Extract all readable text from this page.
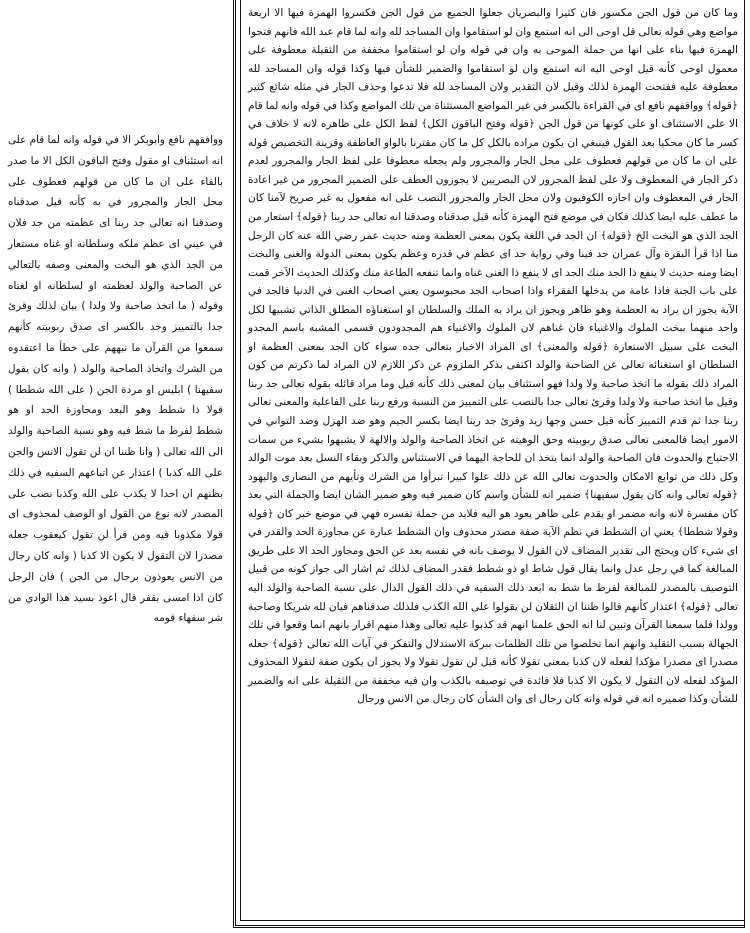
وما كان من قول الجن مكسور فان كثيرا والبصريان جعلوا الجميع من قول الجن فكسروا الهمزة فيها الا اربعة مواضع وهي قوله تعالى قل اوحى الى انه استمع وان لو استقاموا وان المساجد لله وانه لما قام عبد الله فانهم فتحوا الهمزة فيها بناء على انها من جملة الموحى به وان في قوله وان لو استقاموا مخففة من الثقيلة معطوفة على معمول اوحى كأنه قيل اوحى اليه انه استمع وان لو استقاموا والضمير للشأن فيها وكذا قوله وان المساجد لله معطوفة عليه ففتحت الهمزة لذلك وقيل لان التقدير ولان المساجد لله فلا تدعوا وحذف الجار في مثله شائع كثير ﴿قوله﴾ وواقفهم نافع اى في القراءة بالكسر في غير المواضع المستثناة من تلك المواضع وكذا في قوله وانه لما قام الا على الاستئناف او على كونها من قول الجن ﴿قوله وفتح الباقون الكل﴾ لفظ الكل على ظاهره لانه لا خلاف في كسر ما كان محكيا بعد القول فينبغي ان يكون مراده بالكل كل ما كان مقترنا بالواو العاطفة وقرينة التخصيص قوله على ان ما كان من قولهم فعطوف على محل الجار والمجرور ولم يجعله معطوفا على لفظ الجار والمجرور لعدم ذكر الجار في المعطوف ولا على لفظ المجرور لان البصريين لا يجوزون العطف على الضمير المجرور من غير اعادة الجار في المعطوف وان اجازه الكوفيون ولان محل الجار والمجرور النصب على انه مفعول به غير صريح لآمنا كان ما عطف عليه ايضا كذلك فكان في موضع فتح الهمزة كأنه قيل صدقناه وصدقنا انه تعالى جد ربنا ﴿قوله﴾ استعار من الجد الذي هو البخت الخ ﴿قوله﴾ ان الجد في اللغة يكون بمعنى العظمة ومنه حديث عمر رضي الله عنه كان الرجل منا اذا قرأ البقرة وآل عمران جد فينا وفي رواية جد اى عظم في قدره وعظم يكون بمعنى الدولة والغنى والبخت ايضا ومنه حديث لا ينفع ذا الجد منك الجد اى لا ينفع ذا الغنى غناه وانما تنفعه الطاعة منك وكذلك الحديث الآخر قمت على باب الجنة فاذا عامة من يدخلها الفقراء واذا اصحاب الجد محبوسون يعني اصحاب الغنى في الدنيا فالجد في الآية يجوز ان يراد به العظمة وهو ظاهر ويجوز ان يراد به الملك والسلطان او استغناؤه المطلق الذاتي تشبيها لكل واحد منهما ببخت الملوك والاغنياء فان غناهم لان الملوك والاغنياء هم المجدودون فسمى المشبه باسم المجدو البخت على سبيل الاستعارة ﴿قوله والمعنى﴾ اى المراد الاخبار بتعالى جده سواء كان الجد بمعنى العظمة او السلطان او استغنائه تعالى عن الصاحبة والولد اكتفى بذكر الملزوم عن ذكر اللازم لان المراد لما ذكرتم من كون المراد ذلك بقوله ما اتخذ صاحبة ولا ولدا فهو استئناف بيان لمعنى ذلك كأنه قيل وما مراد قائله بقوله تعالى جد ربنا وقيل ما اتخذ صاحبة ولا ولدا وقرئ تعالى جدا بالنصب على التمييز من النسبة ورفع ربنا على الفاعلية والمعنى تعالى ربنا جدا ثم قدم التمييز كأنه قيل حسن وجها زيد وقرئ جد ربنا ايضا بكسر الجيم وهو ضد الهزل وضد التواني في الامور ايضا فالمعنى تعالى صدق ربوبيته وحق الوهيته عن اتخاذ الصاحبة والولد والالهة لا يشبهوا بشيء من سمات الاحتياج والحدوث فان الصاحبة والولد انما يتخذ ان للحاجة اليهما في الاستئناس والذكر وبقاء النسل بعد موت الوالد وكل ذلك من توابع الامكان والحدوث تعالى الله عن ذلك علوا كبيرا تبرأوا من الشرك وتأيهم من النصارى واليهود ﴿قوله تعالى وانه كان يقول سفيهنا﴾ ضمير انه للشأن واسم كان ضمير فيه وهو ضمير الشان ايضا والجملة التي بعد كان مفسرة لانه وانه مضمر او يقدم على ظاهر يعود هو اليه فلابد من جملة تفسره فهي في موضع خبر كان ﴿قوله وقولا شططا﴾ يعني ان الشطط في نظم الآية صفة مصدر محذوف وان الشطط عبارة عن مجاوزة الحد والقدر في اى شيء كان ويحتج الى تقدير المضاف لان القول لا يوصف بانه في نفسه بعد عن الحق ومجاوز الحد الا على طريق المبالغة كما في رجل عدل وانما يقال قول شاط او ذو شطط فقدر المضاف لذلك ثم اشار الى جواز كونه من قبيل التوصيف بالمصدر للمبالغة لفرط ما شط به ابعد ذلك السفيه في ذلك القول الدال على نسبة الصاحبة والولد اليه تعالى ﴿قوله﴾ اعتذار كأنهم قالوا ظننا ان الثقلان لن يقولوا على الله الكذب فلذلك صدقناهم فيان لله شريكا وصاحبة وولدا فلما سمعنا القرآن وتبين لنا انه الحق علمنا انهم قد كذبوا عليه تعالى وهذا منهم اقرار بانهم انما وقعوا في تلك الجهالة بسبب التقليد وانهم انما تخلصوا من تلك الظلمات ببركة الاستدلال والتفكر في آيات الله تعالى ﴿قوله﴾ جعله مصدرا اى مصدرا مؤكدا لفعله لان كذبا بمعنى تقولا كأنه قيل لن تقول تقولا ولا يجوز ان يكون صفة لتقولا المحذوف المؤكد لفعله لان التقول لا يكون الا كذبا فلا فائدة في توصيفه بالكذب وان فيه مخففة من الثقيلة على انه والضمير للشأن وكذا ضميره انه في قوله وانه كان رجال اى وان الشأن كان رجال من الانس ورجال

ووافقهم نافع وابوبكر الا في قوله وانه لما قام على انه استئناف او مقول وفتح الباقون الكل الا ما صدر بالفاء على ان ما كان من قولهم فعطوف على محل الجار والمجرور في به كأنه قيل صدقناه وصدقنا انه تعالى جد ربنا اى عظمته من جد فلان في عيني اى عظم ملكه وسلطانه او غناه مستعار من الجد الذي هو البخت والمعنى وصفه بالتعالي عن الصاحبة والولد لعظمته او لسلطانه او لغناه وقوله ( ما اتخذ صاحبة ولا ولدا ) بيان لذلك وقرئ جدا بالتمييز وجد بالكسر اى صدق ربوبيته كأنهم سمعوا من القرآن ما نبههم على خطأ ما اعتقدوه من الشرك واتخاذ الصاحبة والولد ( وانه كان يقول سفيهنا ) ابليس او مردة الجن ( على الله شططا ) قولا ذا شطط وهو البعد ومجاوزة الحد او هو شطط لفرط ما شط فيه وهو نسبة الصاحبة والولد الى الله تعالى ( وانا ظننا ان لن تقول الانس والجن على الله كذبا ) اعتذار عن اتباعهم السفيه في ذلك بظنهم ان احدا لا يكذب على الله وكذبا نصب على المصدر لانه نوع من القول او الوصف لمحذوف اى قولا مكذوبا فيه ومن قرأ لن تقول كيعقوب جعله مصدرا لان التقول لا يكون الا كذبا ( وانه كان رجال من الانس يعوذون برجال من الجن ) فان الرجل كان اذا امسى بقفر قال اعوذ بسيد هذا الوادي من شر سفهاء قومه
